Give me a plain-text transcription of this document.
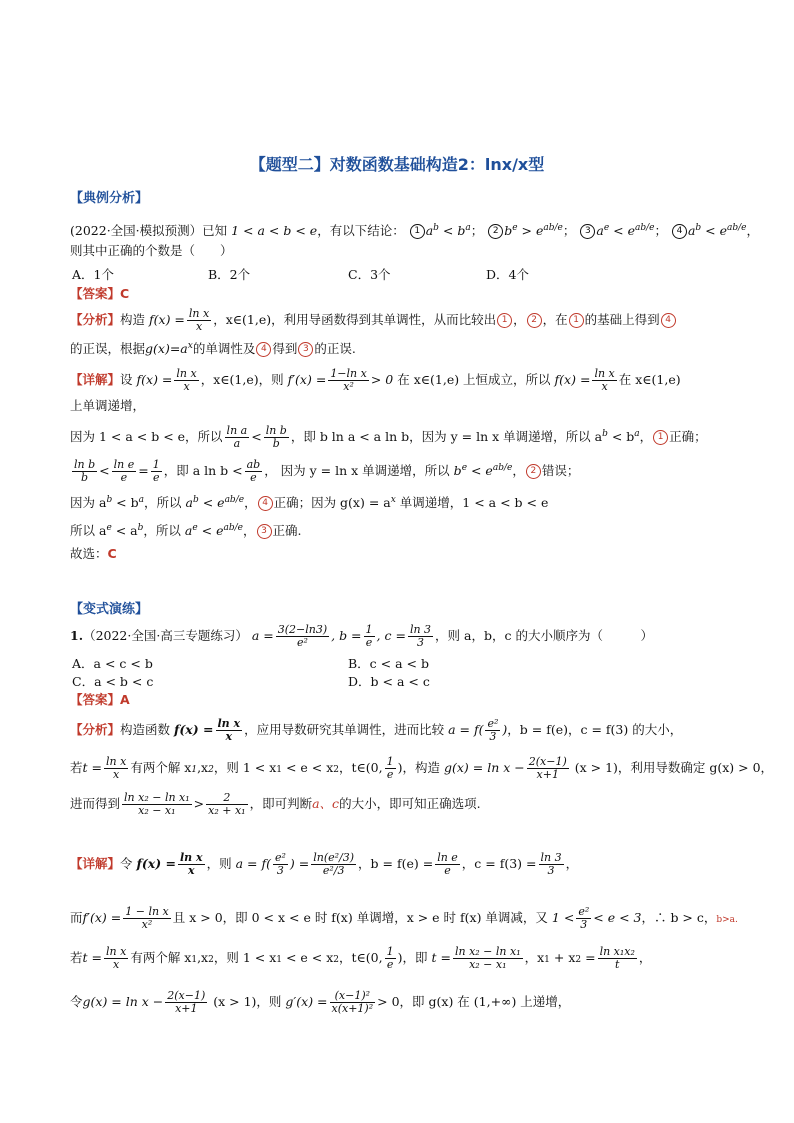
【题型二】对数函数基础构造2：lnx/x型
【典例分析】
(2022·全国·模拟预测）已知 1 < a < b < e，有以下结论： 1 $a^b < b^a$； 2 $b^e > e^{ab/e}$； 3 $a^e < e^{ab/e}$； 4 $a^b < e^{ab/e}$，
则其中正确的个数是（　　）
A．1个	B．2个	C．3个	D．4个
【答案】C
【分析】构造 $f(x) = \frac{\text{ln x}}{x}$ ，x∈(1,e)，利用导函数得到其单调性，从而比较出 1 ， 2 ，在 1 的基础上得到 4
的正误，根据$g(x)=a^x$的单调性及 4 得到 3 的正误.
【详解】设 $f(x) = \frac{\text{ln x}}{x}$ ，x∈(1,e)，则 $f'(x) = \frac{\text{1−ln x}}{\text{x²}} > 0$ 在 x∈(1,e) 上恒成立，所以 $f(x) = \frac{\text{ln x}}{x}$ 在 x∈(1,e)
上单调递增，
因为 1 < a < b < e，所以 $\frac{\text{ln a}}{a} < \frac{\text{ln b}}{b}$ ，即 b ln a < a ln b，因为 y = ln x 单调递增，所以 $a^b < b^a$， 1 正确；
$\frac{\text{ln b}}{b} < \frac{\text{ln e}}{e} = \frac{1}{e}$ ，即 a $\ln b < \frac{ab}{e}$ ， 因为 y = ln x 单调递增，所以 $b^e < e^{ab/e}$， 2 错误；
因为 $a^b < b^a$，所以 $a^b < e^{ab/e}$， 4 正确；因为 $g(x) = a^x$ 单调递增，1 < a < b < e
所以 $a^e < a^b$，所以 $a^e < e^{ab/e}$， 3 正确.
故选：C
【变式演练】
1.（2022·全国·高三专题练习） $a = \frac{3(2-\ln 3)}{\text{e²}}$ , $b = \frac{1}{e}$ , $c = \frac{\ln 3}{3}$ ，则 a，b，c 的大小顺序为（　　　）
A．a < c < b	B．c < a < b
C．a < b < c	D．b < a < c
【答案】A
【分析】构造函数 $f(x) = \frac{\text{ln x}}{x}$ ，应用导数研究其单调性，进而比较 $a = f( \frac{\text{e²}}{3}$ )，b = f(e)，c = f(3) 的大小，
若$t = \frac{\text{ln x}}{x}$ 有两个解 x1,x2，则 1 < x1 < e < x2，t∈(0, $\frac{1}{e}$ )，构造 $g(x) = \ln x - \frac{2(x-1)}{x+1} (x > 1)$，利用导数确定 g(x) > 0，
进而得到 $\frac{\text{ln x₂ − ln x₁}}{\text{x₂ − x₁}} > \frac{2}{\text{x₂ + x₁}}$ ，即可判断a、c的大小，即可知正确选项.
【详解】令 $f(x) = \frac{\text{ln x}}{x}$ ，则 $a = f( \frac{\text{e²}}{3}$ ) = $\frac{\text{ln(e²/3)}}{\text{e²/3}}$ ，$b = f(e) = \frac{\text{ln e}}{e}$ ，$c = f(3) = \frac{\ln 3}{3}$ ，
而$f'(x) = \frac{\text{1 − ln x}}{\text{x²}}$ 且 x > 0，即 0 < x < e 时 f(x) 单调增，x > e 时 f(x) 单调减，又 $1 < \frac{\text{e²}}{3} < e < 3$，∴ b > c，b>a.
若$t = \frac{\text{ln x}}{x}$ 有两个解 x1,x2，则 1 < x1 < e < x2，t∈(0, $\frac{1}{e}$ )，即 $t = \frac{\text{ln x₂ − ln x₁}}{\text{x₂ − x₁}}$ ，$x1 + x2 = \frac{\text{ln x₁x₂}}{t}$ ，
令$g(x) = \ln x - \frac{2(x-1)}{x+1} (x > 1)$，则 $g'(x) = \frac{\text{(x−1)²}}{\text{x(x+1)²}} > 0$，即 g(x) 在 (1,+∞) 上递增，
